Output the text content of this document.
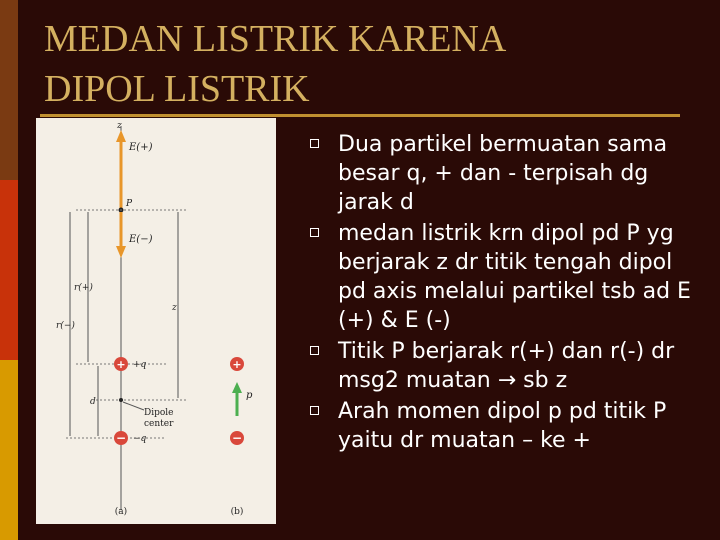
MEDAN LISTRIK KARENA
DIPOL LISTRIK
z
E(+)
P
E(−)
r(+)
r(−)
z
d
+ +q
Dipole
center
− −q
+
p
−
(a)	(b)
Dua partikel bermuatan sama besar q, + dan - terpisah dg jarak d
medan listrik krn dipol pd P yg berjarak z dr titik tengah dipol pd axis melalui partikel tsb ad E (+) & E (-)
Titik P berjarak r(+) dan r(-) dr msg2 muatan → sb z
Arah momen dipol p pd titik P yaitu dr muatan – ke +
